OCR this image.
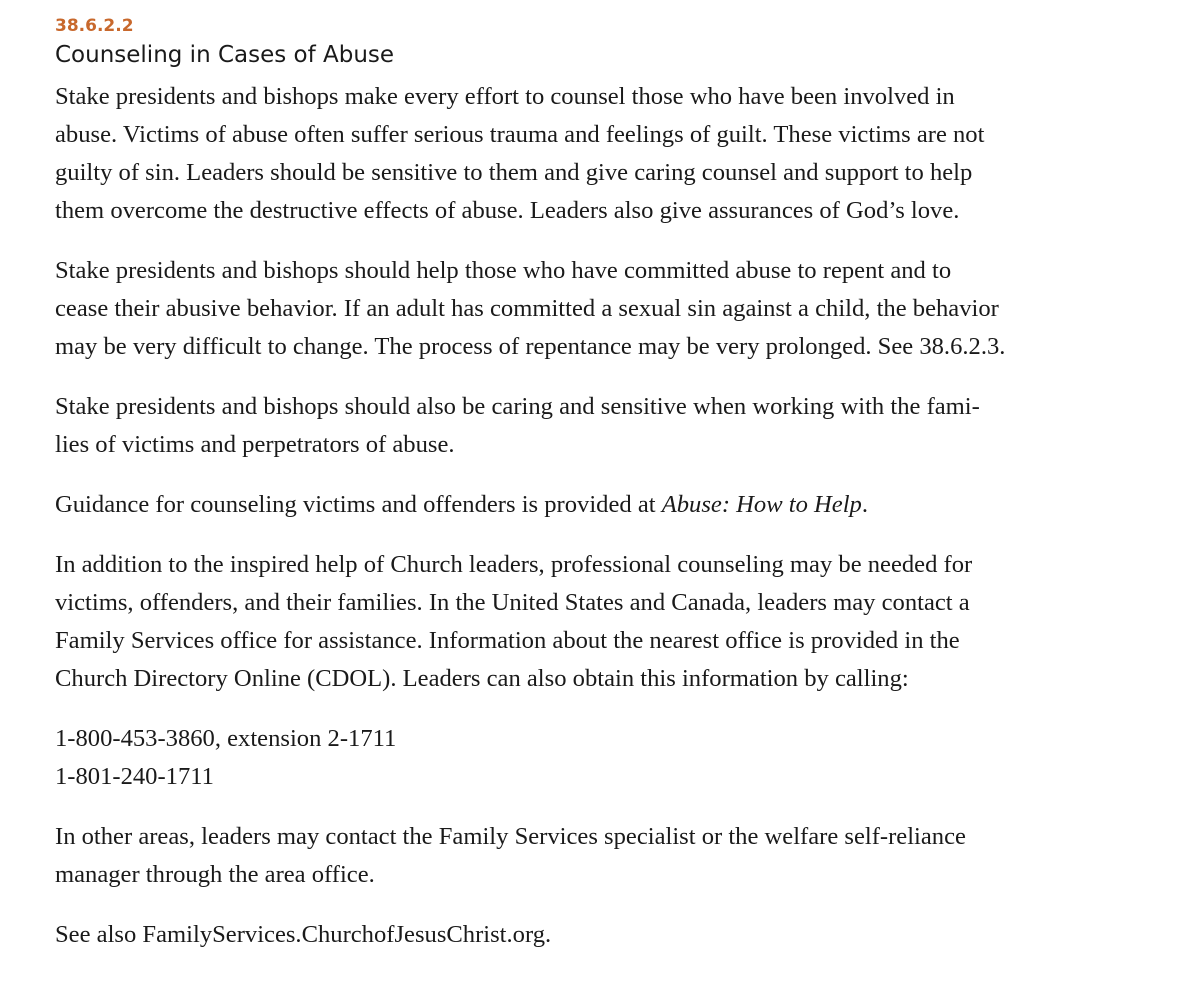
38.6.2.2

Counseling in Cases of Abuse

Stake presidents and bishops make every effort to counsel those who have been involved in
abuse. Victims of abuse often suffer serious trauma and feelings of guilt. These victims are not
guilty of sin. Leaders should be sensitive to them and give caring counsel and support to help
them overcome the destructive effects of abuse. Leaders also give assurances of God’s love.

Stake presidents and bishops should help those who have committed abuse to repent and to
cease their abusive behavior. If an adult has committed a sexual sin against a child, the behavior
may be very difficult to change. The process of repentance may be very prolonged. See 38.6.2.3.

Stake presidents and bishops should also be caring and sensitive when working with the fami-
lies of victims and perpetrators of abuse.

Guidance for counseling victims and offenders is provided at Abuse: How to Help.

In addition to the inspired help of Church leaders, professional counseling may be needed for
victims, offenders, and their families. In the United States and Canada, leaders may contact a
Family Services office for assistance. Information about the nearest office is provided in the
Church Directory Online (CDOL). Leaders can also obtain this information by calling:

1-800-453-3860, extension 2-1711
1-801-240-1711

In other areas, leaders may contact the Family Services specialist or the welfare self-reliance
manager through the area office.

See also FamilyServices.ChurchofJesusChrist.org.
